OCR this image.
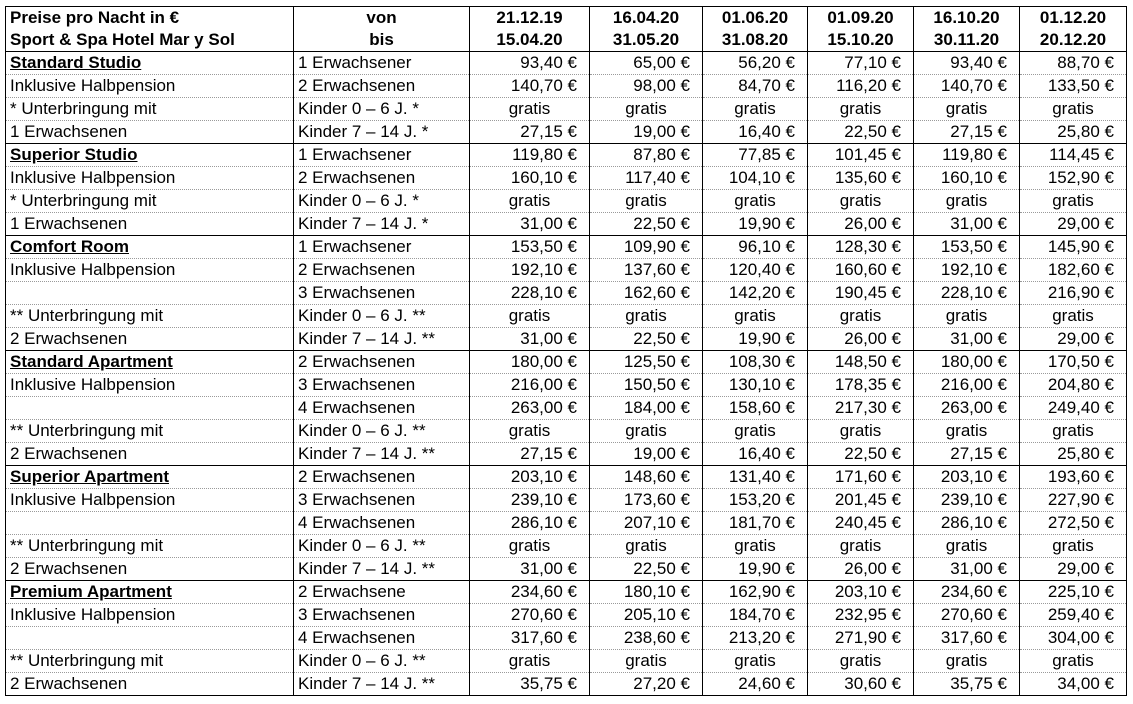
Preise pro Nacht in €	von	21.12.19	16.04.20	01.06.20	01.09.20	16.10.20	01.12.20
Sport & Spa Hotel Mar y Sol	bis	15.04.20	31.05.20	31.08.20	15.10.20	30.11.20	20.12.20
Standard Studio	1 Erwachsener	93,40 €	65,00 €	56,20 €	77,10 €	93,40 €	88,70 €
Inklusive Halbpension	2 Erwachsenen	140,70 €	98,00 €	84,70 €	116,20 €	140,70 €	133,50 €
* Unterbringung mit	Kinder 0 – 6 J. *	gratis	gratis	gratis	gratis	gratis	gratis
1 Erwachsenen	Kinder 7 – 14 J. *	27,15 €	19,00 €	16,40 €	22,50 €	27,15 €	25,80 €
Superior Studio	1 Erwachsener	119,80 €	87,80 €	77,85 €	101,45 €	119,80 €	114,45 €
Inklusive Halbpension	2 Erwachsenen	160,10 €	117,40 €	104,10 €	135,60 €	160,10 €	152,90 €
* Unterbringung mit	Kinder 0 – 6 J. *	gratis	gratis	gratis	gratis	gratis	gratis
1 Erwachsenen	Kinder 7 – 14 J. *	31,00 €	22,50 €	19,90 €	26,00 €	31,00 €	29,00 €
Comfort Room	1 Erwachsener	153,50 €	109,90 €	96,10 €	128,30 €	153,50 €	145,90 €
Inklusive Halbpension	2 Erwachsenen	192,10 €	137,60 €	120,40 €	160,60 €	192,10 €	182,60 €
	3 Erwachsenen	228,10 €	162,60 €	142,20 €	190,45 €	228,10 €	216,90 €
** Unterbringung mit	Kinder 0 – 6 J. **	gratis	gratis	gratis	gratis	gratis	gratis
2 Erwachsenen	Kinder 7 – 14 J. **	31,00 €	22,50 €	19,90 €	26,00 €	31,00 €	29,00 €
Standard Apartment	2 Erwachsenen	180,00 €	125,50 €	108,30 €	148,50 €	180,00 €	170,50 €
Inklusive Halbpension	3 Erwachsenen	216,00 €	150,50 €	130,10 €	178,35 €	216,00 €	204,80 €
	4 Erwachsenen	263,00 €	184,00 €	158,60 €	217,30 €	263,00 €	249,40 €
** Unterbringung mit	Kinder 0 – 6 J. **	gratis	gratis	gratis	gratis	gratis	gratis
2 Erwachsenen	Kinder 7 – 14 J. **	27,15 €	19,00 €	16,40 €	22,50 €	27,15 €	25,80 €
Superior Apartment	2 Erwachsenen	203,10 €	148,60 €	131,40 €	171,60 €	203,10 €	193,60 €
Inklusive Halbpension	3 Erwachsenen	239,10 €	173,60 €	153,20 €	201,45 €	239,10 €	227,90 €
	4 Erwachsenen	286,10 €	207,10 €	181,70 €	240,45 €	286,10 €	272,50 €
** Unterbringung mit	Kinder 0 – 6 J. **	gratis	gratis	gratis	gratis	gratis	gratis
2 Erwachsenen	Kinder 7 – 14 J. **	31,00 €	22,50 €	19,90 €	26,00 €	31,00 €	29,00 €
Premium Apartment	2 Erwachsene	234,60 €	180,10 €	162,90 €	203,10 €	234,60 €	225,10 €
Inklusive Halbpension	3 Erwachsenen	270,60 €	205,10 €	184,70 €	232,95 €	270,60 €	259,40 €
	4 Erwachsenen	317,60 €	238,60 €	213,20 €	271,90 €	317,60 €	304,00 €
** Unterbringung mit	Kinder 0 – 6 J. **	gratis	gratis	gratis	gratis	gratis	gratis
2 Erwachsenen	Kinder 7 – 14 J. **	35,75 €	27,20 €	24,60 €	30,60 €	35,75 €	34,00 €
